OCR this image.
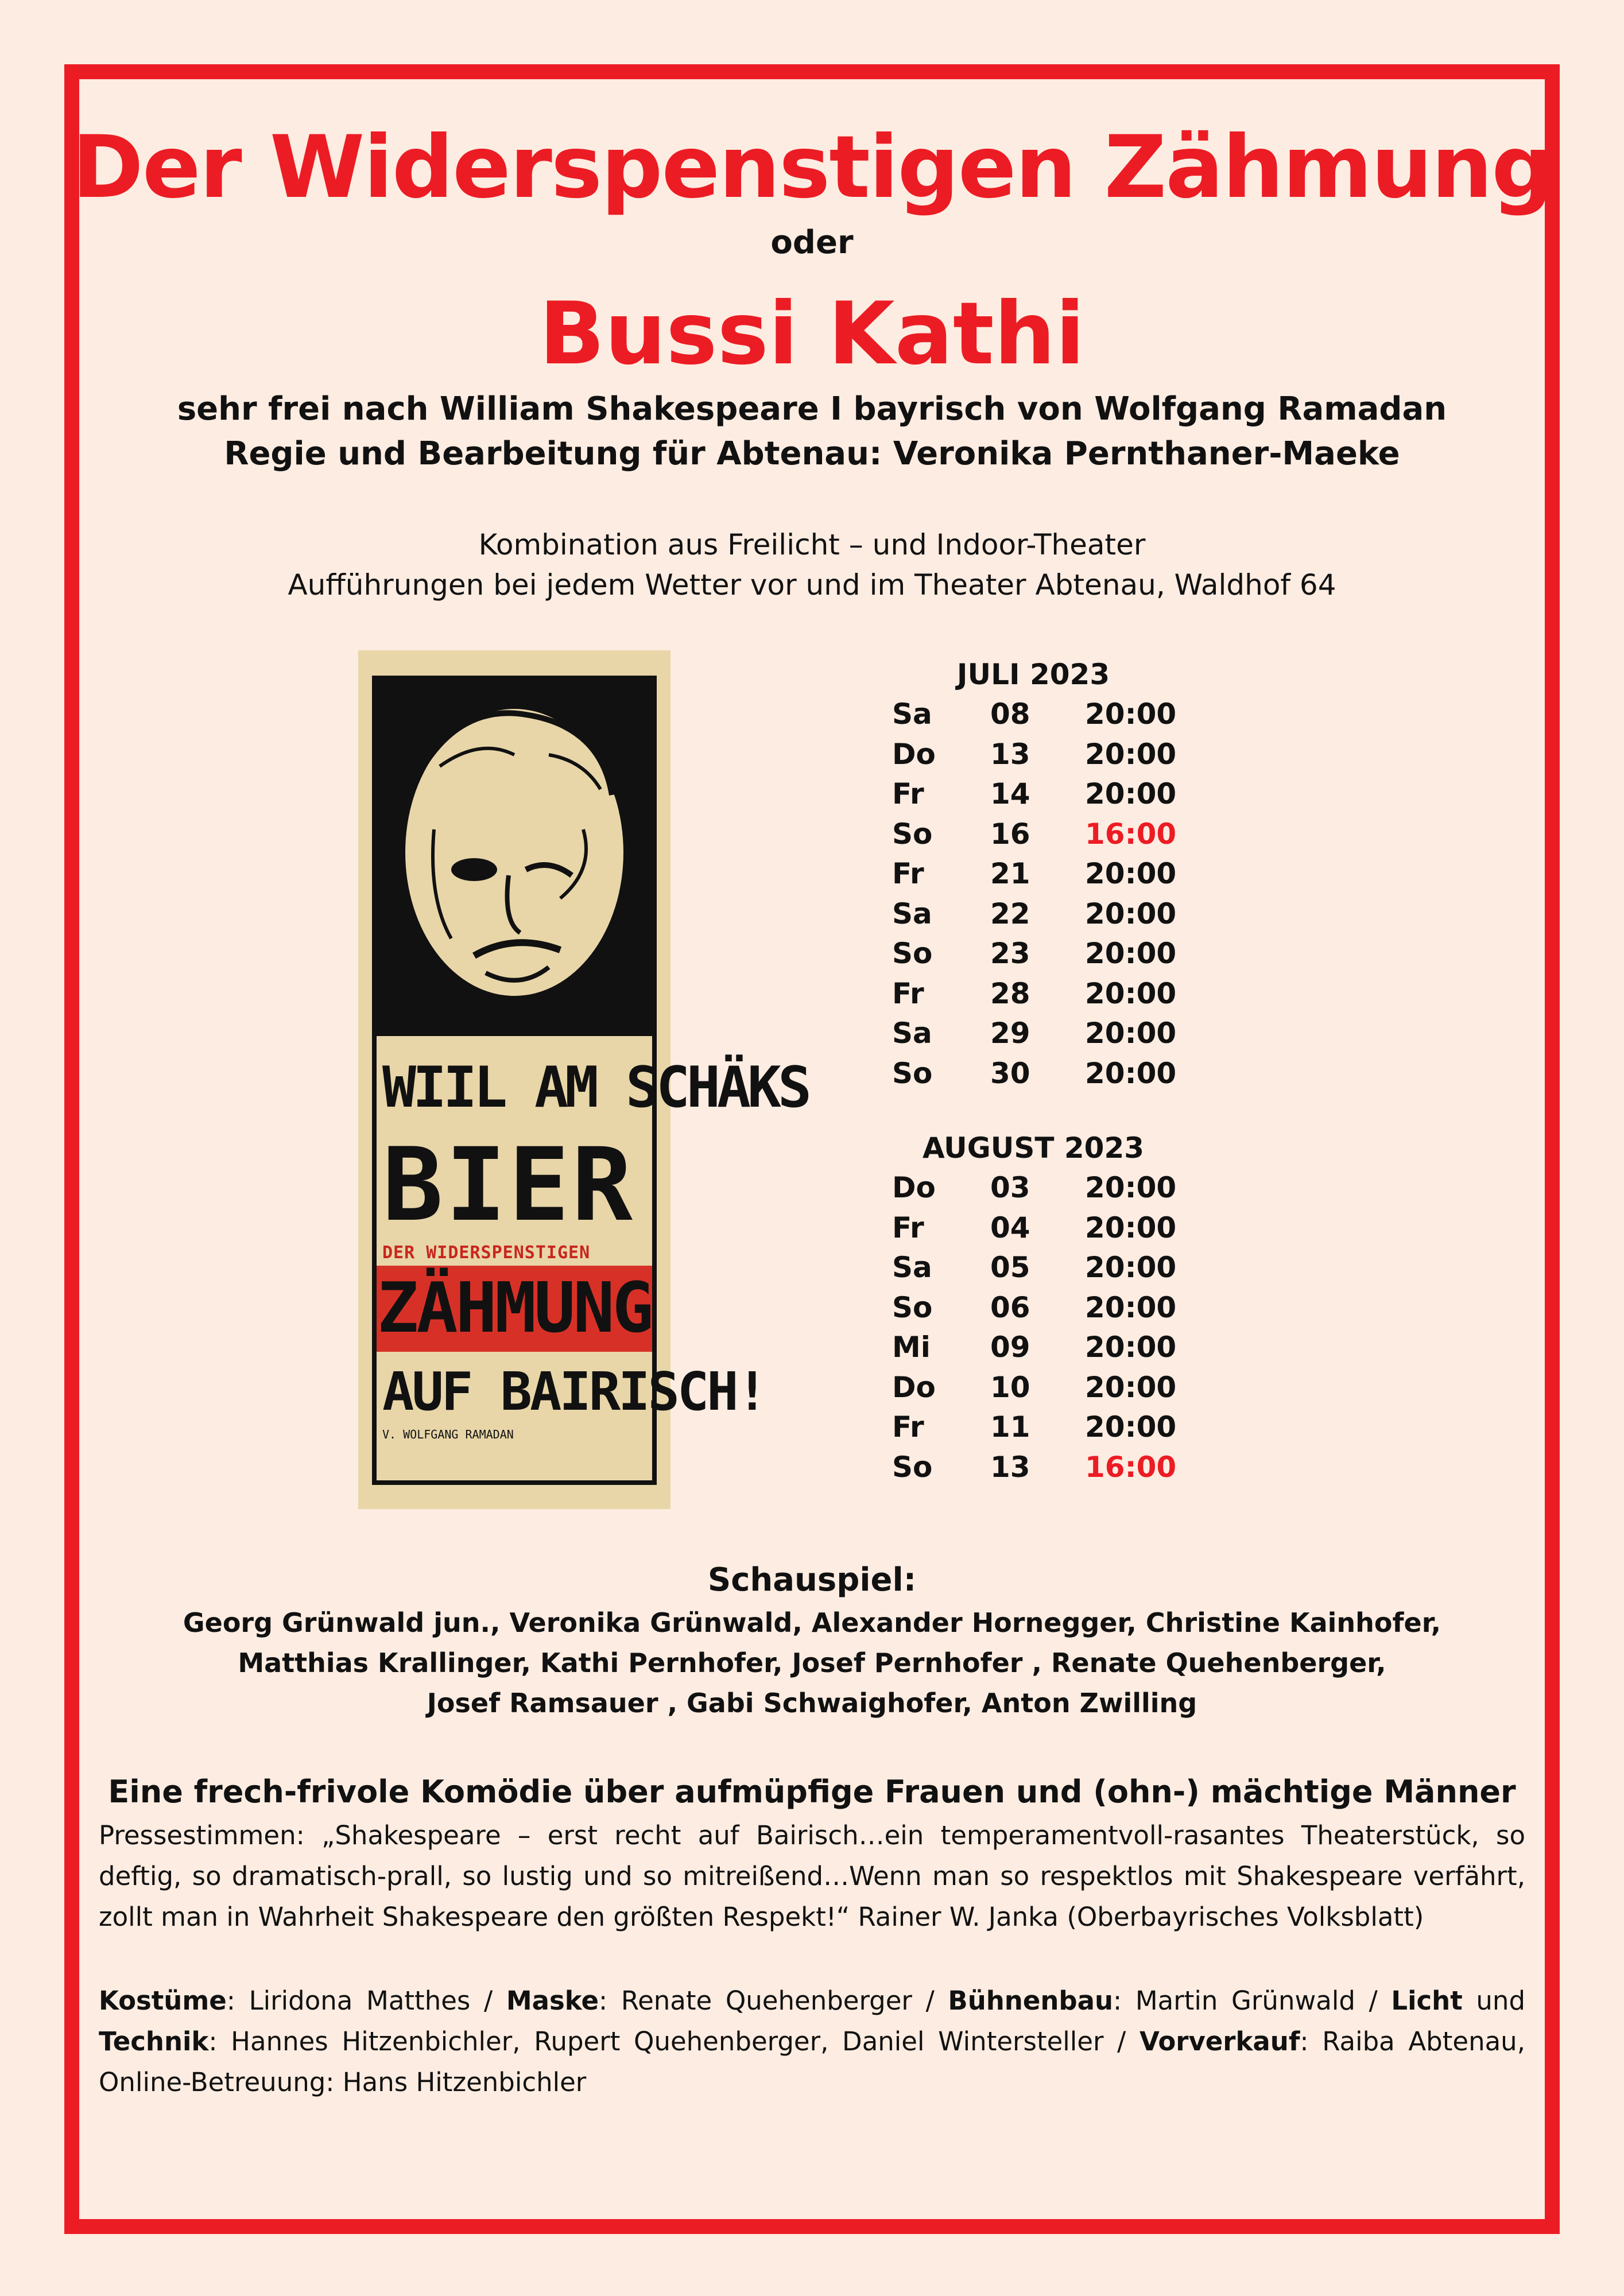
Der Widerspenstigen Zähmung
oder
Bussi Kathi
sehr frei nach William Shakespeare I bayrisch von Wolfgang Ramadan
Regie und Bearbeitung für Abtenau: Veronika Pernthaner-Maeke
Kombination aus Freilicht – und Indoor-Theater
Aufführungen bei jedem Wetter vor und im Theater Abtenau, Waldhof 64
WIIL AM SCHÄKS
BIER
DER WIDERSPENSTIGEN
ZÄHMUNG
AUF BAIRISCH!
V. WOLFGANG RAMADAN
JULI 2023
Sa 08 20:00
Do 13 20:00
Fr 14 20:00
So 16 16:00
Fr 21 20:00
Sa 22 20:00
So 23 20:00
Fr 28 20:00
Sa 29 20:00
So 30 20:00
AUGUST 2023
Do 03 20:00
Fr 04 20:00
Sa 05 20:00
So 06 20:00
Mi 09 20:00
Do 10 20:00
Fr 11 20:00
So 13 16:00
Schauspiel:
Georg Grünwald jun., Veronika Grünwald, Alexander Hornegger, Christine Kainhofer,
Matthias Krallinger, Kathi Pernhofer, Josef Pernhofer , Renate Quehenberger,
Josef Ramsauer , Gabi Schwaighofer, Anton Zwilling
Eine frech-frivole Komödie über aufmüpfige Frauen und (ohn-) mächtige Männer
Pressestimmen: „Shakespeare – erst recht auf Bairisch…ein temperamentvoll-rasantes Theaterstück, so deftig, so dramatisch-prall, so lustig und so mitreißend…Wenn man so respektlos mit Shakespeare verfährt, zollt man in Wahrheit Shakespeare den größten Respekt!“ Rainer W. Janka (Oberbayrisches Volksblatt)
Kostüme: Liridona Matthes / Maske: Renate Quehenberger / Bühnenbau: Martin Grünwald / Licht und Technik: Hannes Hitzenbichler, Rupert Quehenberger, Daniel Wintersteller / Vorverkauf: Raiba Abtenau, Online-Betreuung: Hans Hitzenbichler
